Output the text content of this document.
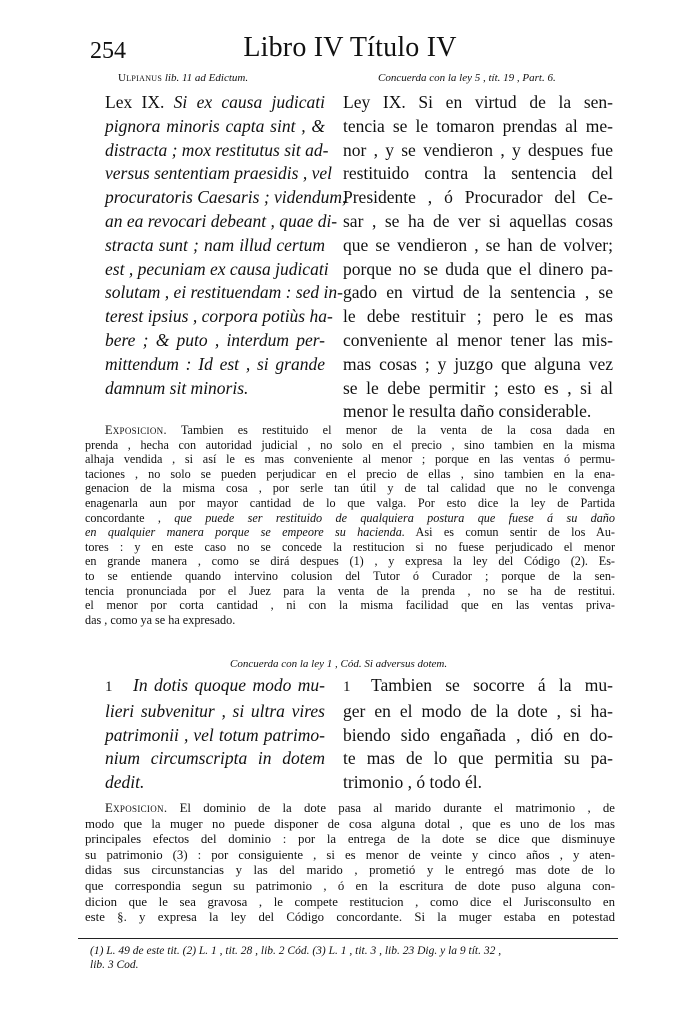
254	Libro IV Título IV
Ulpianus lib. 11 ad Edictum.	Concuerda con la ley 5 , tít. 19 , Part. 6.
Lex IX. Si ex causa judicati
pignora minoris capta sint , &
distracta ; mox restitutus sit ad-
versus sententiam praesidis , vel
procuratoris Caesaris ; videndum,
an ea revocari debeant , quae di-
stracta sunt ; nam illud certum
est , pecuniam ex causa judicati
solutam , ei restituendam : sed in-
terest ipsius , corpora potiùs ha-
bere ; & puto , interdum per-
mittendum : Id est , si grande
damnum sit minoris.
Ley IX. Si en virtud de la sen-
tencia se le tomaron prendas al me-
nor , y se vendieron , y despues fue
restituido contra la sentencia del
Presidente , ó Procurador del Ce-
sar , se ha de ver si aquellas cosas
que se vendieron , se han de volver;
porque no se duda que el dinero pa-
gado en virtud de la sentencia , se
le debe restituir ; pero le es mas
conveniente al menor tener las mis-
mas cosas ; y juzgo que alguna vez
se le debe permitir ; esto es , si al
menor le resulta daño considerable.
Exposicion. Tambien es restituido el menor de la venta de la cosa dada en
prenda , hecha con autoridad judicial , no solo en el precio , sino tambien en la misma
alhaja vendida , si así le es mas conveniente al menor ; porque en las ventas ó permu-
taciones , no solo se pueden perjudicar en el precio de ellas , sino tambien en la ena-
genacion de la misma cosa , por serle tan útil y de tal calidad que no le convenga
enagenarla aun por mayor cantidad de lo que valga. Por esto dice la ley de Partida
concordante , que puede ser restituido de qualquiera postura que fuese á su daño
en qualquier manera porque se empeore su hacienda. Asi es comun sentir de los Au-
tores : y en este caso no se concede la restitucion si no fuese perjudicado el menor
en grande manera , como se dirá despues (1) , y expresa la ley del Código (2). Es-
to se entiende quando intervino colusion del Tutor ó Curador ; porque de la sen-
tencia pronunciada por el Juez para la venta de la prenda , no se ha de restitui.
el menor por corta cantidad , ni con la misma facilidad que en las ventas priva-
das , como ya se ha expresado.
Concuerda con la ley 1 , Cód. Si adversus dotem.
1 In dotis quoque modo mu-
lieri subvenitur , si ultra vires
patrimonii , vel totum patrimo-
nium circumscripta in dotem
dedit.
1 Tambien se socorre á la mu-
ger en el modo de la dote , si ha-
biendo sido engañada , dió en do-
te mas de lo que permitia su pa-
trimonio , ó todo él.
Exposicion. El dominio de la dote pasa al marido durante el matrimonio , de
modo que la muger no puede disponer de cosa alguna dotal , que es uno de los mas
principales efectos del dominio : por la entrega de la dote se dice que disminuye
su patrimonio (3) : por consiguiente , si es menor de veinte y cinco años , y aten-
didas sus circunstancias y las del marido , prometió y le entregó mas dote de lo
que correspondia segun su patrimonio , ó en la escritura de dote puso alguna con-
dicion que le sea gravosa , le compete restitucion , como dice el Jurisconsulto en
este §. y expresa la ley del Código concordante. Si la muger estaba en potestad
(1) L. 49 de este tit. (2) L. 1 , tit. 28 , lib. 2 Cód. (3) L. 1 , tit. 3 , lib. 23 Dig. y la 9 tít. 32 ,
lib. 3 Cod.
